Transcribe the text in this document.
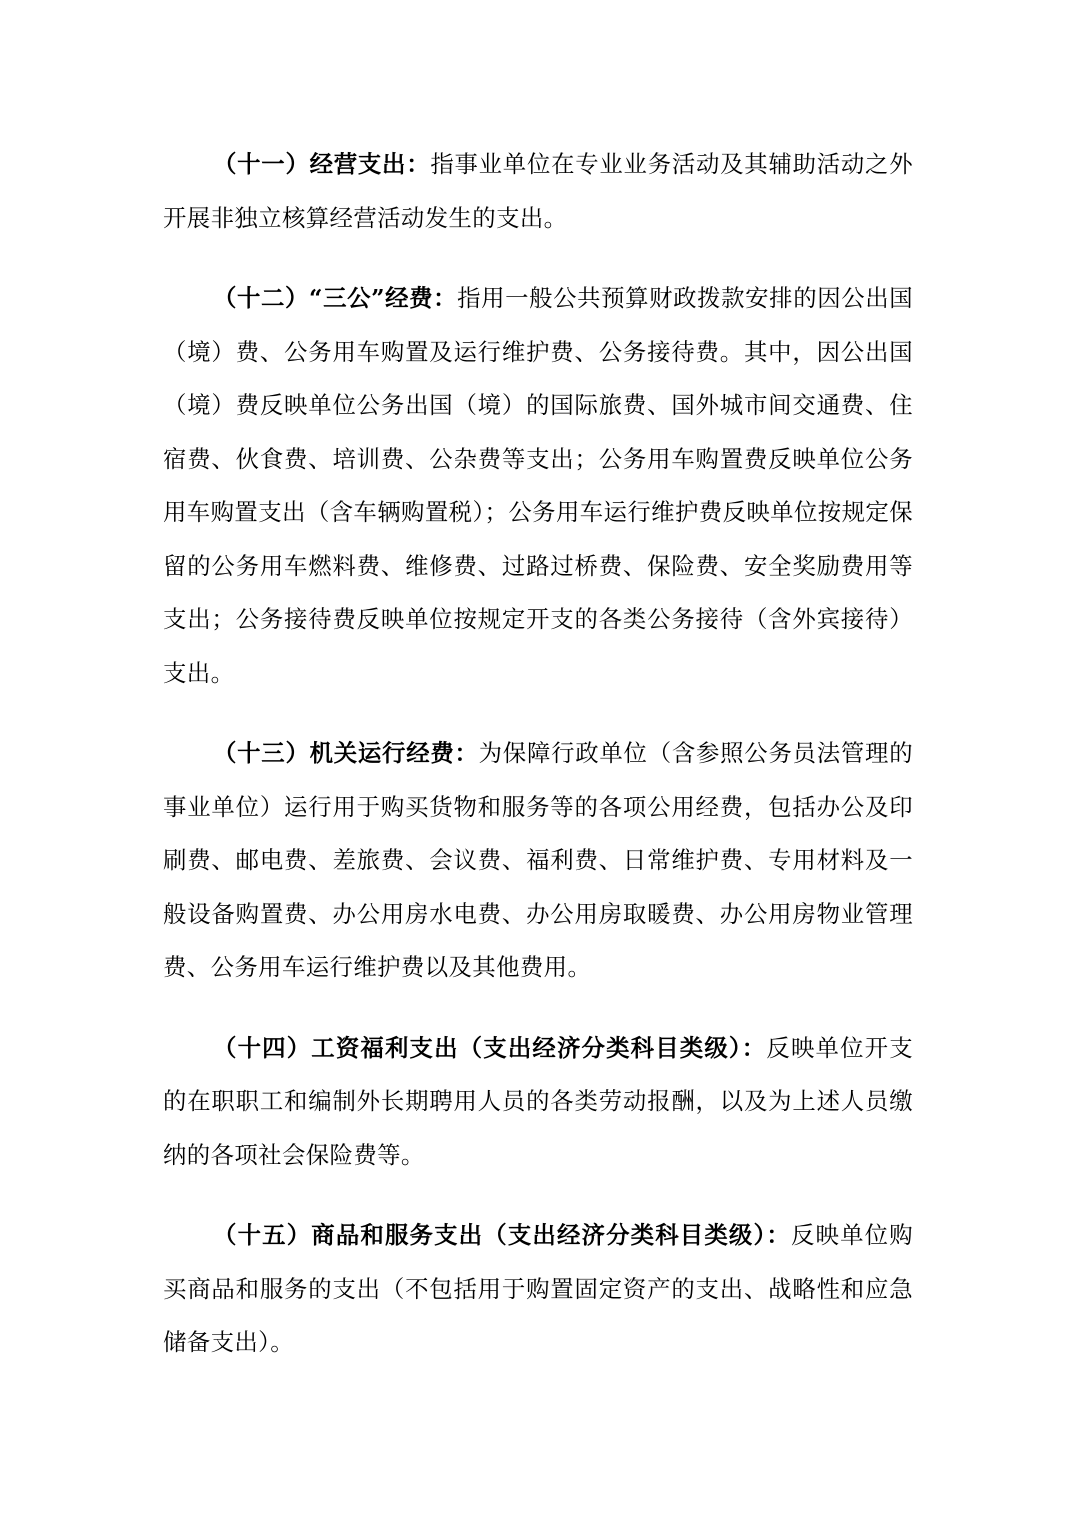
（十一）经营支出：指事业单位在专业业务活动及其辅助活动之外开展非独立核算经营活动发生的支出。

（十二）“三公”经费：指用一般公共预算财政拨款安排的因公出国（境）费、公务用车购置及运行维护费、公务接待费。其中，因公出国（境）费反映单位公务出国（境）的国际旅费、国外城市间交通费、住宿费、伙食费、培训费、公杂费等支出；公务用车购置费反映单位公务用车购置支出（含车辆购置税）；公务用车运行维护费反映单位按规定保留的公务用车燃料费、维修费、过路过桥费、保险费、安全奖励费用等支出；公务接待费反映单位按规定开支的各类公务接待（含外宾接待）支出。

（十三）机关运行经费：为保障行政单位（含参照公务员法管理的事业单位）运行用于购买货物和服务等的各项公用经费，包括办公及印刷费、邮电费、差旅费、会议费、福利费、日常维护费、专用材料及一般设备购置费、办公用房水电费、办公用房取暖费、办公用房物业管理费、公务用车运行维护费以及其他费用。

（十四）工资福利支出（支出经济分类科目类级）：反映单位开支的在职职工和编制外长期聘用人员的各类劳动报酬，以及为上述人员缴纳的各项社会保险费等。

（十五）商品和服务支出（支出经济分类科目类级）：反映单位购买商品和服务的支出（不包括用于购置固定资产的支出、战略性和应急储备支出）。
